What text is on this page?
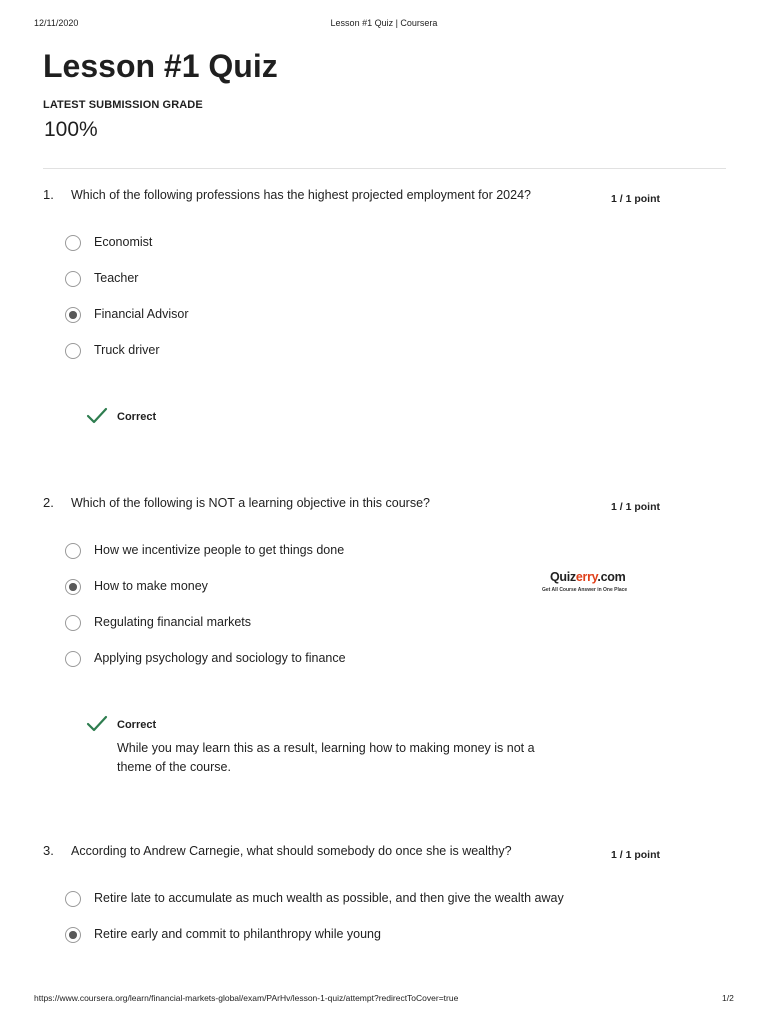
12/11/2020	Lesson #1 Quiz | Coursera
Lesson #1 Quiz
LATEST SUBMISSION GRADE
100%
1. Which of the following professions has the highest projected employment for 2024?	1 / 1 point
Economist
Teacher
Financial Advisor
Truck driver
Correct
2. Which of the following is NOT a learning objective in this course?	1 / 1 point
How we incentivize people to get things done
How to make money
Regulating financial markets
Applying psychology and sociology to finance
Correct
While you may learn this as a result, learning how to making money is not a theme of the course.
Quizerry.com
Get All Course Answer in One Place
3. According to Andrew Carnegie, what should somebody do once she is wealthy?	1 / 1 point
Retire late to accumulate as much wealth as possible, and then give the wealth away
Retire early and commit to philanthropy while young
https://www.coursera.org/learn/financial-markets-global/exam/PArHv/lesson-1-quiz/attempt?redirectToCover=true	1/2
